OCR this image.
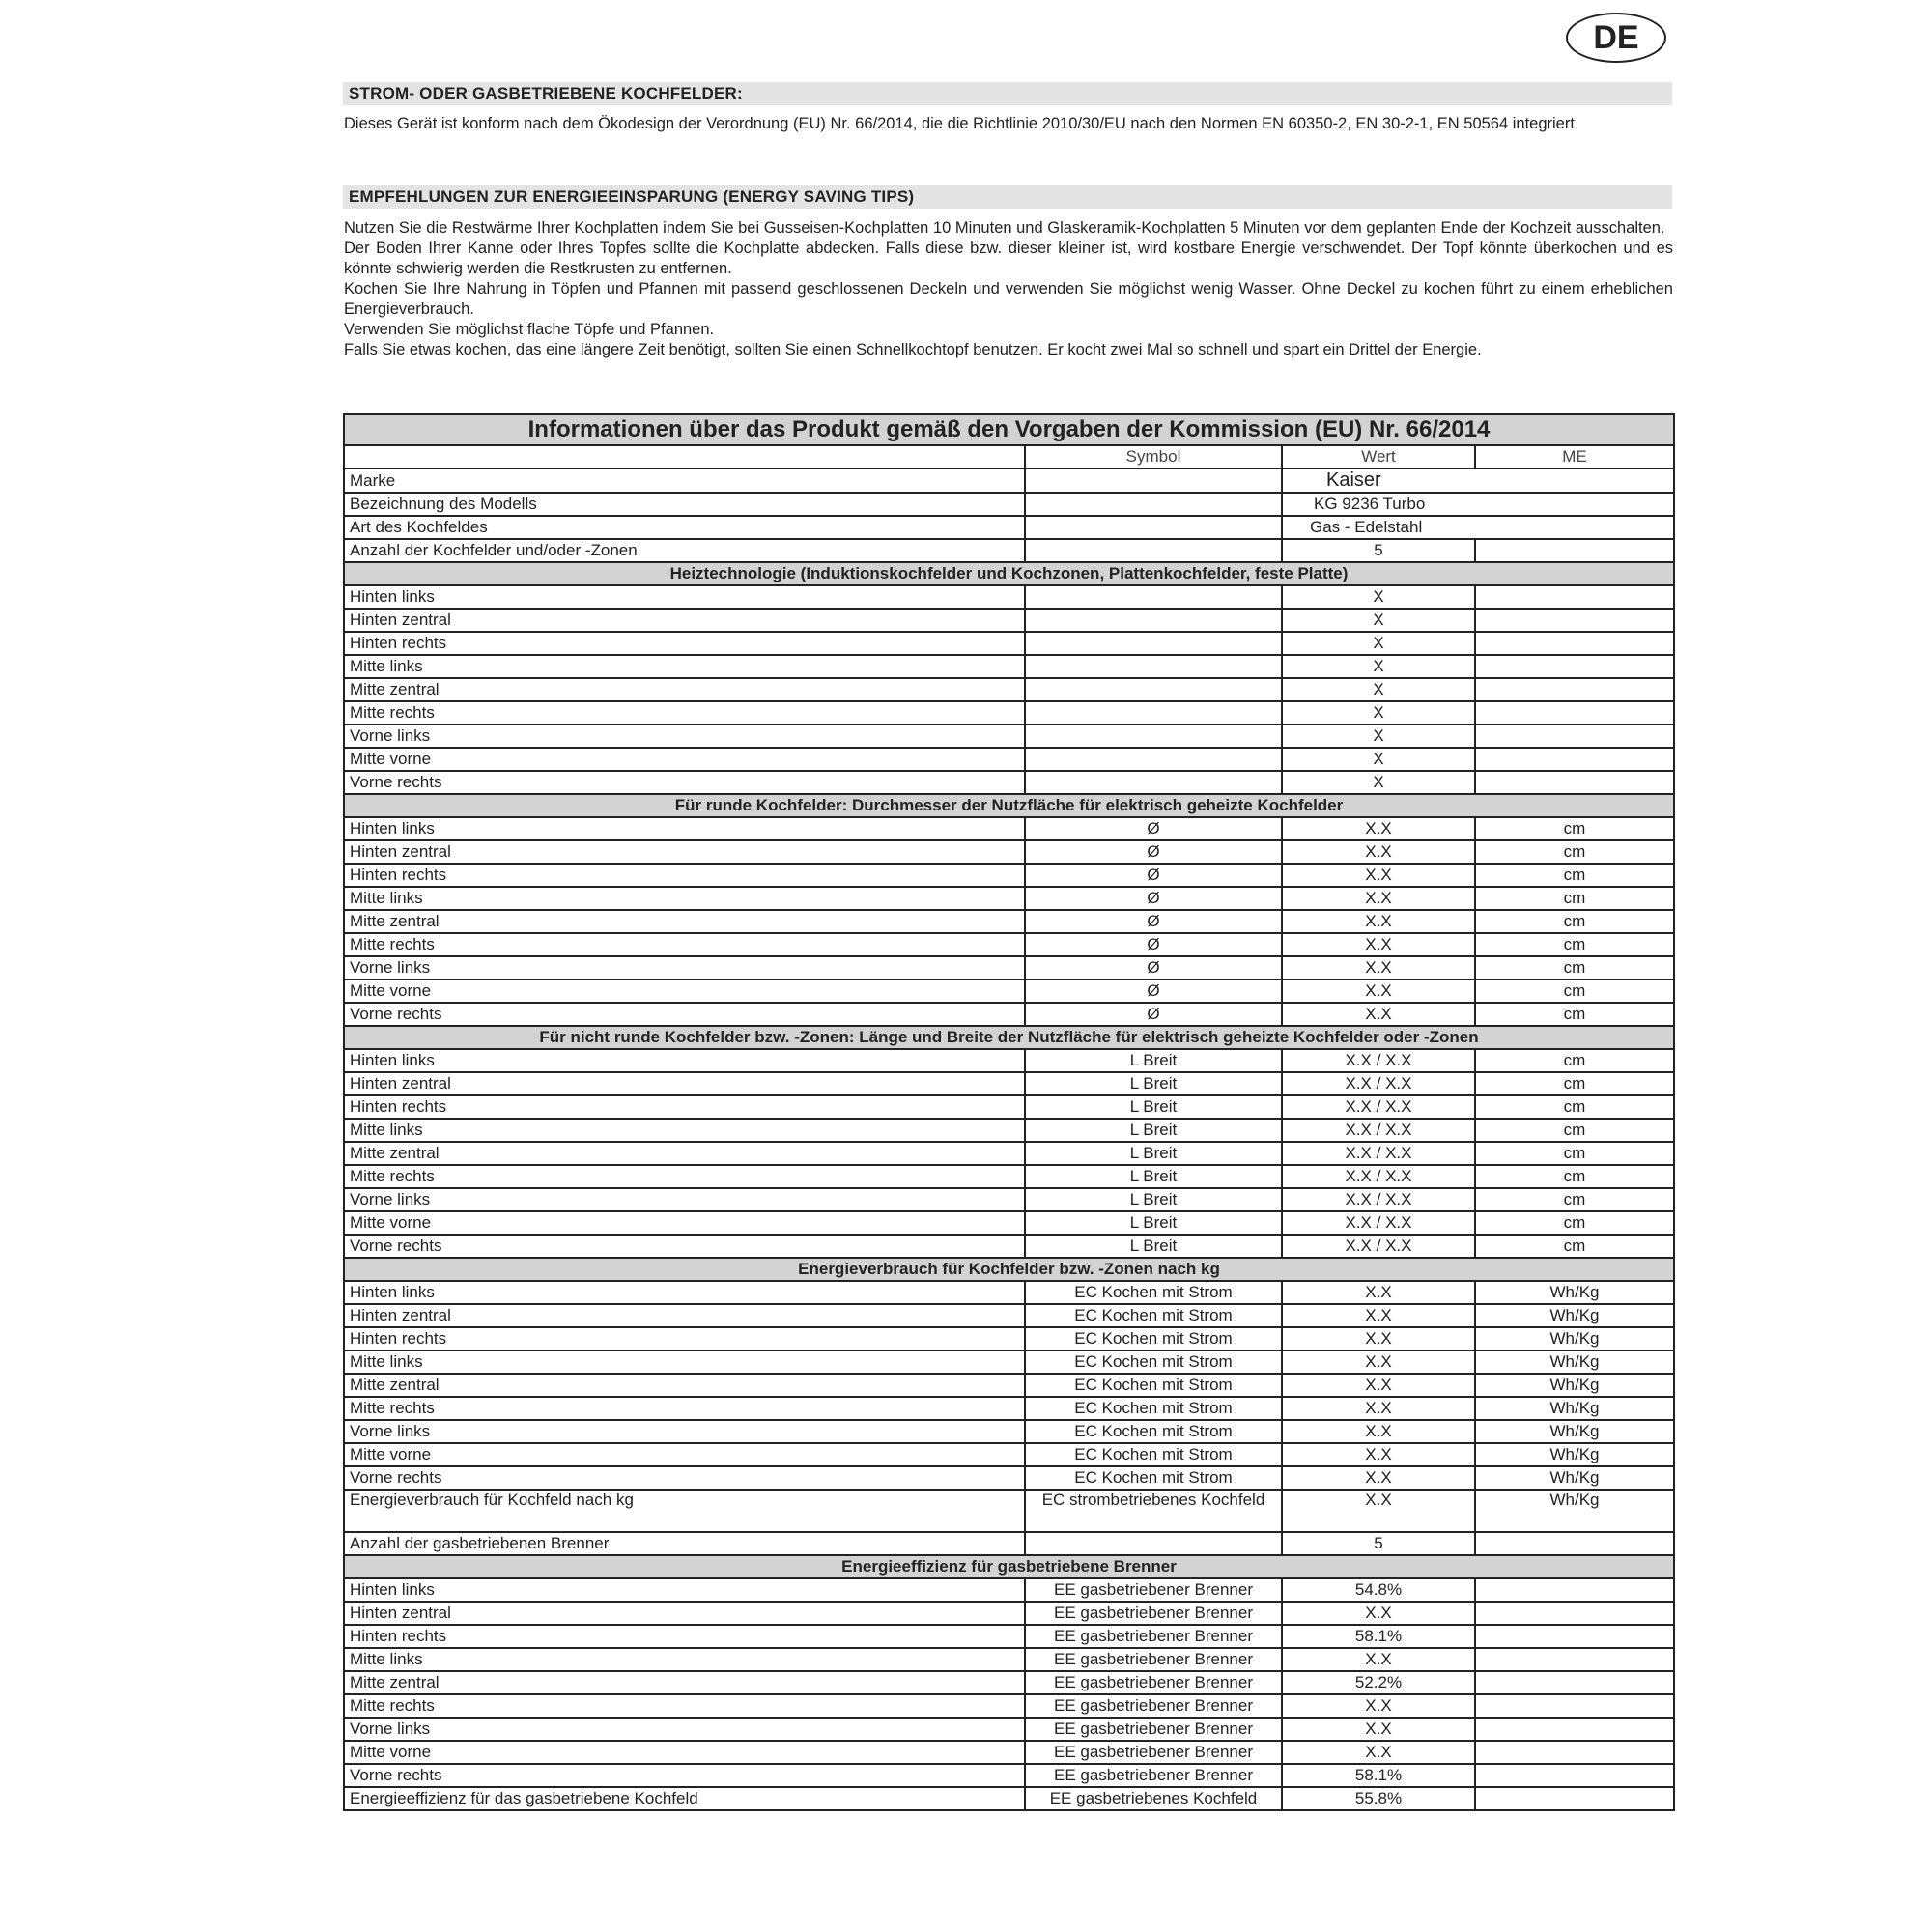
DE
STROM- ODER GASBETRIEBENE KOCHFELDER:

Dieses Gerät ist konform nach dem Ökodesign der Verordnung (EU) Nr. 66/2014, die die Richtlinie 2010/30/EU nach den Normen EN 60350-2, EN 30-2-1, EN 50564 integriert

EMPFEHLUNGEN ZUR ENERGIEEINSPARUNG (ENERGY SAVING TIPS)

Nutzen Sie die Restwärme Ihrer Kochplatten indem Sie bei Gusseisen-Kochplatten 10 Minuten und Glaskeramik-Kochplatten 5 Minuten vor dem geplanten Ende der Kochzeit ausschalten.

Der Boden Ihrer Kanne oder Ihres Topfes sollte die Kochplatte abdecken. Falls diese bzw. dieser kleiner ist, wird kostbare Energie verschwendet. Der Topf könnte überkochen und es könnte schwierig werden die Restkrusten zu entfernen.

Kochen Sie Ihre Nahrung in Töpfen und Pfannen mit passend geschlossenen Deckeln und verwenden Sie möglichst wenig Wasser. Ohne Deckel zu kochen führt zu einem erheblichen Energieverbrauch.

Verwenden Sie möglichst flache Töpfe und Pfannen.

Falls Sie etwas kochen, das eine längere Zeit benötigt, sollten Sie einen Schnellkochtopf benutzen. Er kocht zwei Mal so schnell und spart ein Drittel der Energie.

Informationen über das Produkt gemäß den Vorgaben der Kommission (EU) Nr. 66/2014			
	Symbol	Wert	ME
Marke		Kaiser	
Bezeichnung des Modells		KG 9236 Turbo	
Art des Kochfeldes		Gas - Edelstahl	
Anzahl der Kochfelder und/oder -Zonen		5	
Heiztechnologie (Induktionskochfelder und Kochzonen, Plattenkochfelder, feste Platte)			
Hinten links		X	
Hinten zentral		X	
Hinten rechts		X	
Mitte links		X	
Mitte zentral		X	
Mitte rechts		X	
Vorne links		X	
Mitte vorne		X	
Vorne rechts		X	
Für runde Kochfelder: Durchmesser der Nutzfläche für elektrisch geheizte Kochfelder			
Hinten links	Ø	X.X	cm
Hinten zentral	Ø	X.X	cm
Hinten rechts	Ø	X.X	cm
Mitte links	Ø	X.X	cm
Mitte zentral	Ø	X.X	cm
Mitte rechts	Ø	X.X	cm
Vorne links	Ø	X.X	cm
Mitte vorne	Ø	X.X	cm
Vorne rechts	Ø	X.X	cm
Für nicht runde Kochfelder bzw. -Zonen: Länge und Breite der Nutzfläche für elektrisch geheizte Kochfelder oder -Zonen			
Hinten links	L Breit	X.X / X.X	cm
Hinten zentral	L Breit	X.X / X.X	cm
Hinten rechts	L Breit	X.X / X.X	cm
Mitte links	L Breit	X.X / X.X	cm
Mitte zentral	L Breit	X.X / X.X	cm
Mitte rechts	L Breit	X.X / X.X	cm
Vorne links	L Breit	X.X / X.X	cm
Mitte vorne	L Breit	X.X / X.X	cm
Vorne rechts	L Breit	X.X / X.X	cm
Energieverbrauch für Kochfelder bzw. -Zonen nach kg			
Hinten links	EC Kochen mit Strom	X.X	Wh/Kg
Hinten zentral	EC Kochen mit Strom	X.X	Wh/Kg
Hinten rechts	EC Kochen mit Strom	X.X	Wh/Kg
Mitte links	EC Kochen mit Strom	X.X	Wh/Kg
Mitte zentral	EC Kochen mit Strom	X.X	Wh/Kg
Mitte rechts	EC Kochen mit Strom	X.X	Wh/Kg
Vorne links	EC Kochen mit Strom	X.X	Wh/Kg
Mitte vorne	EC Kochen mit Strom	X.X	Wh/Kg
Vorne rechts	EC Kochen mit Strom	X.X	Wh/Kg
Energieverbrauch für Kochfeld nach kg	EC strombetriebenes Kochfeld	X.X	Wh/Kg
Anzahl der gasbetriebenen Brenner		5	
Energieeffizienz für gasbetriebene Brenner			
Hinten links	EE gasbetriebener Brenner	54.8%	
Hinten zentral	EE gasbetriebener Brenner	X.X	
Hinten rechts	EE gasbetriebener Brenner	58.1%	
Mitte links	EE gasbetriebener Brenner	X.X	
Mitte zentral	EE gasbetriebener Brenner	52.2%	
Mitte rechts	EE gasbetriebener Brenner	X.X	
Vorne links	EE gasbetriebener Brenner	X.X	
Mitte vorne	EE gasbetriebener Brenner	X.X	
Vorne rechts	EE gasbetriebener Brenner	58.1%	
Energieeffizienz für das gasbetriebene Kochfeld	EE gasbetriebenes Kochfeld	55.8%	
